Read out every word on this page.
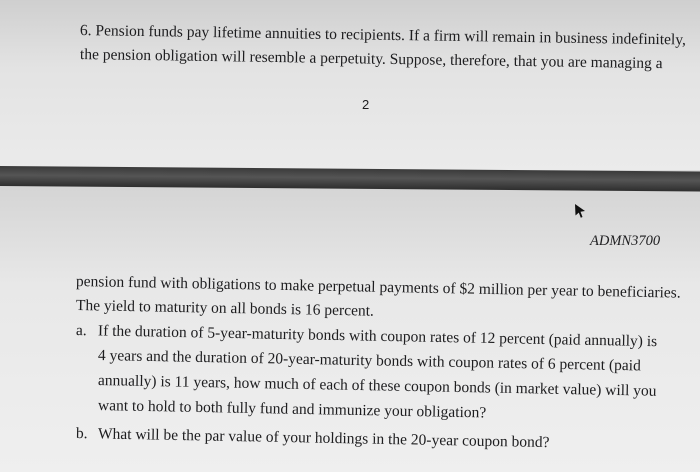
6. Pension funds pay lifetime annuities to recipients. If a firm will remain in business indefinitely,
the pension obligation will resemble a perpetuity. Suppose, therefore, that you are managing a
2
ADMN3700
pension fund with obligations to make perpetual payments of $2 million per year to beneficiaries.
The yield to maturity on all bonds is 16 percent.
a. If the duration of 5-year-maturity bonds with coupon rates of 12 percent (paid annually) is
4 years and the duration of 20-year-maturity bonds with coupon rates of 6 percent (paid
annually) is 11 years, how much of each of these coupon bonds (in market value) will you
want to hold to both fully fund and immunize your obligation?
b. What will be the par value of your holdings in the 20-year coupon bond?
